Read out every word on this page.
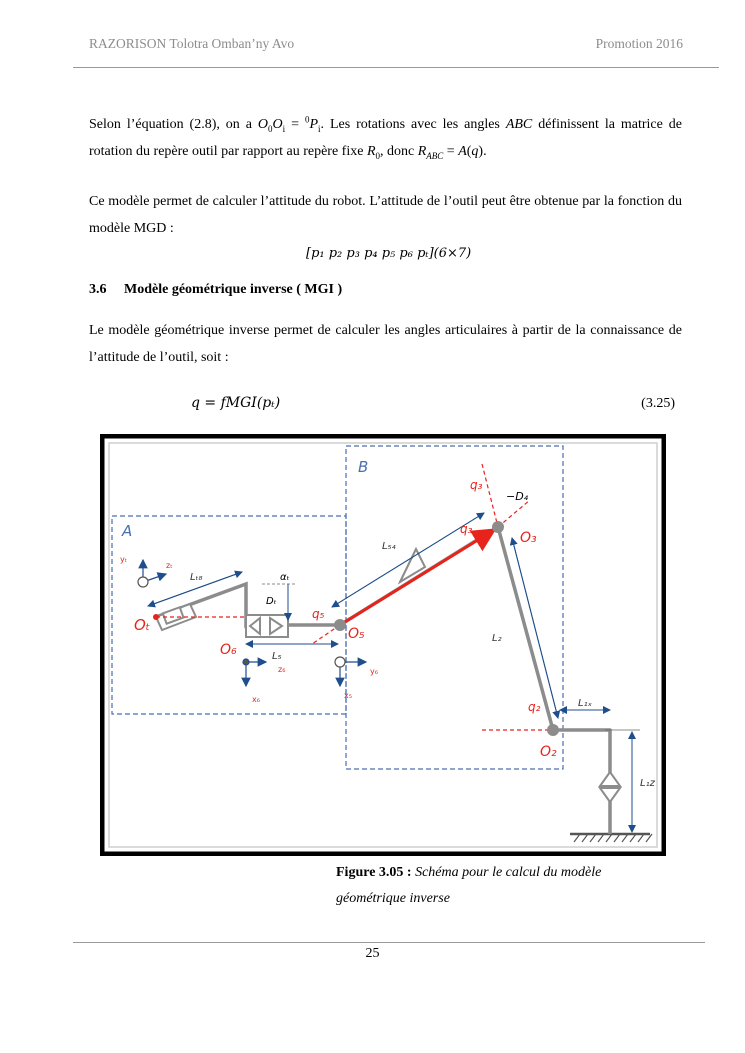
RAZORISON Tolotra Omban’ny Avo	Promotion 2016
Selon l’équation (2.8), on a $O_0O_i = ^0P_i$. Les rotations avec les angles ABC définissent la matrice de rotation du repère outil par rapport au repère fixe $R_0$, donc $R_{ABC} = A(q)$.
Ce modèle permet de calculer l’attitude du robot. L’attitude de l’outil peut être obtenue par la fonction du modèle MGD :
[p₁ p₂ p₃ p₄ p₅ p₆ pₜ](6×7)
3.6 Modèle géométrique inverse ( MGI )
Le modèle géométrique inverse permet de calculer les angles articulaires à partir de la connaissance de l’attitude de l’outil, soit :
q = fMGI(pₜ)	(3.25)
A
B
Oₜ
O₆
O₅
O₃
O₂
q₃
q₃
q₅
q₂
−D₄
Dₜ
αₜ
L₅₄
Lₜ₈
L₅
L₂
L₁ₓ
L₁z
yₜ
zₜ
z₆
x₆	x₅
y₆
Figure 3.05 : Schéma pour le calcul du modèle géométrique inverse
25
